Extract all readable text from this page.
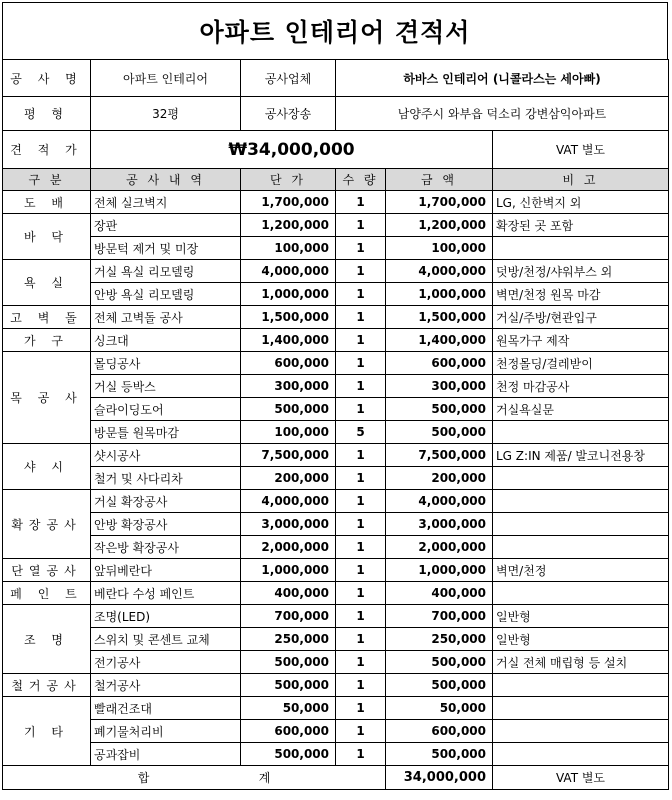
아파트 인테리어 견적서
공 사 명	아파트 인테리어	공사업체	하바스 인테리어 (니콜라스는 세아빠)		
평 형	32평	공사장송	남양주시 와부읍 덕소리 강변삼익아파트		
견 적 가	₩34,000,000				VAT 별도
구 분	공 사 내 역	단 가	수 량	금 액	비 고
도 배	전체 실크벽지	1,700,000	1	1,700,000	LG, 신한벽지 외
바 닥	장판	1,200,000	1	1,200,000	확장된 곳 포함
	방문턱 제거 및 미장	100,000	1	100,000	
욕 실	거실 욕실 리모델링	4,000,000	1	4,000,000	덧방/천정/샤워부스 외
	안방 욕실 리모델링	1,000,000	1	1,000,000	벽면/천정 원목 마감
고 벽 돌	전체 고벽돌 공사	1,500,000	1	1,500,000	거실/주방/현관입구
가 구	싱크대	1,400,000	1	1,400,000	원목가구 제작
목 공 사	몰딩공사	600,000	1	600,000	천정몰딩/걸레받이
	거실 등박스	300,000	1	300,000	천정 마감공사
	슬라이딩도어	500,000	1	500,000	거실욕실문
	방문틀 원목마감	100,000	5	500,000	
샤 시	샷시공사	7,500,000	1	7,500,000	LG Z:IN 제품/ 발코니전용창
	철거 및 사다리차	200,000	1	200,000	
확장공사	거실 확장공사	4,000,000	1	4,000,000	
	안방 확장공사	3,000,000	1	3,000,000	
	작은방 확장공사	2,000,000	1	2,000,000	
단열공사	앞뒤베란다	1,000,000	1	1,000,000	벽면/천정
페 인 트	베란다 수성 페인트	400,000	1	400,000	
조 명	조명(LED)	700,000	1	700,000	일반형
	스위치 및 콘센트 교체	250,000	1	250,000	일반형
	전기공사	500,000	1	500,000	거실 전체 매립형 등 설치
철거공사	철거공사	500,000	1	500,000	
기 타	빨래건조대	50,000	1	50,000	
	폐기물처리비	600,000	1	600,000	
	공과잡비	500,000	1	500,000	

합 계				34,000,000	VAT 별도
